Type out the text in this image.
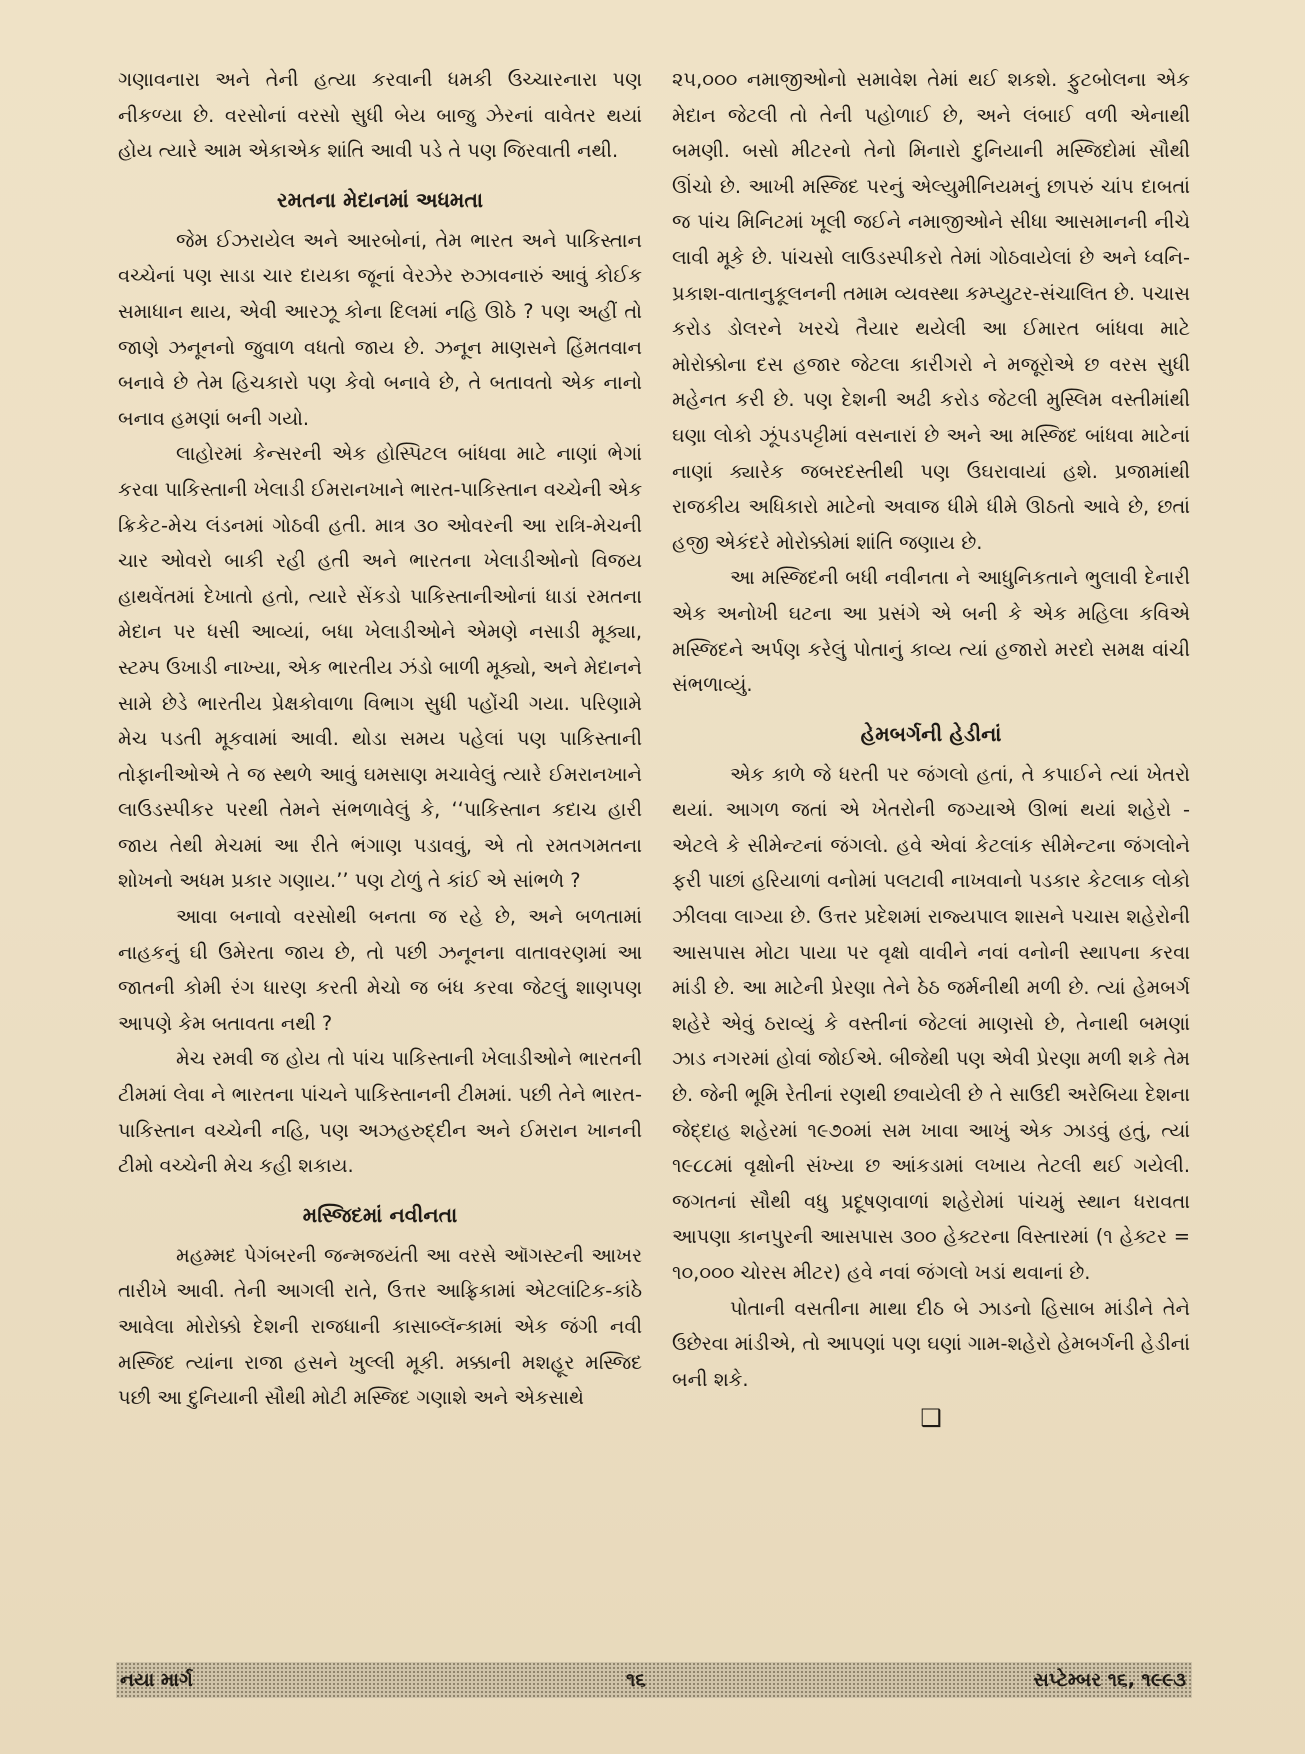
ગણાવનારા અને તેની હત્યા કરવાની ધમકી ઉચ્ચારનારા પણ નીકળ્યા છે. વરસોનાં વરસો સુધી બેય બાજુ ઝેરનાં વાવેતર થયાં હોય ત્યારે આમ એકાએક શાંતિ આવી પડે તે પણ જિરવાતી નથી.

રમતના મેદાનમાં અધમતા

જેમ ઈઝરાયેલ અને આરબોનાં, તેમ ભારત અને પાકિસ્તાન વચ્ચેનાં પણ સાડા ચાર દાયકા જૂનાં વેરઝેર રુઝાવનારું આવું કોઈક સમાધાન થાય, એવી આરઝૂ કોના દિલમાં નહિ ઊઠે ? પણ અહીં તો જાણે ઝનૂનનો જુવાળ વધતો જાય છે. ઝનૂન માણસને હિંમતવાન બનાવે છે તેમ હિચકારો પણ કેવો બનાવે છે, તે બતાવતો એક નાનો બનાવ હમણાં બની ગયો.

લાહોરમાં કેન્સરની એક હોસ્પિટલ બાંધવા માટે નાણાં ભેગાં કરવા પાકિસ્તાની ખેલાડી ઈમરાનખાને ભારત-પાકિસ્તાન વચ્ચેની એક ક્રિકેટ-મેચ લંડનમાં ગોઠવી હતી. માત્ર ૩૦ ઓવરની આ રાત્રિ-મેચની ચાર ઓવરો બાકી રહી હતી અને ભારતના ખેલાડીઓનો વિજય હાથવેંતમાં દેખાતો હતો, ત્યારે સેંકડો પાકિસ્તાનીઓનાં ધાડાં રમતના મેદાન પર ધસી આવ્યાં, બધા ખેલાડીઓને એમણે નસાડી મૂક્યા, સ્ટમ્પ ઉખાડી નાખ્યા, એક ભારતીય ઝંડો બાળી મૂક્યો, અને મેદાનને સામે છેડે ભારતીય પ્રેક્ષકોવાળા વિભાગ સુધી પહોંચી ગયા. પરિણામે મેચ પડતી મૂકવામાં આવી. થોડા સમય પહેલાં પણ પાકિસ્તાની તોફાનીઓએ તે જ સ્થળે આવું ઘમસાણ મચાવેલું ત્યારે ઈમરાનખાને લાઉડસ્પીકર પરથી તેમને સંભળાવેલું કે, ‘‘પાકિસ્તાન કદાચ હારી જાય તેથી મેચમાં આ રીતે ભંગાણ પડાવવું, એ તો રમતગમતના શોખનો અધમ પ્રકાર ગણાય.’’ પણ ટોળું તે કાંઈ એ સાંભળે ?

આવા બનાવો વરસોથી બનતા જ રહે છે, અને બળતામાં નાહકનું ઘી ઉમેરતા જાય છે, તો પછી ઝનૂનના વાતાવરણમાં આ જાતની કોમી રંગ ધારણ કરતી મેચો જ બંધ કરવા જેટલું શાણપણ આપણે કેમ બતાવતા નથી ?

મેચ રમવી જ હોય તો પાંચ પાકિસ્તાની ખેલાડીઓને ભારતની ટીમમાં લેવા ને ભારતના પાંચને પાકિસ્તાનની ટીમમાં. પછી તેને ભારત-પાકિસ્તાન વચ્ચેની નહિ, પણ અઝહરુદ્દીન અને ઈમરાન ખાનની ટીમો વચ્ચેની મેચ કહી શકાય.

મસ્જિદમાં નવીનતા

મહમ્મદ પેગંબરની જન્મજયંતી આ વરસે ઑગસ્ટની આખર તારીખે આવી. તેની આગલી રાતે, ઉત્તર આફ્રિકામાં એટલાંટિક-કાંઠે આવેલા મોરોક્કો દેશની રાજધાની કાસાબ્લૅન્કામાં એક જંગી નવી મસ્જિદ ત્યાંના રાજા હસને ખુલ્લી મૂકી. મક્કાની મશહૂર મસ્જિદ પછી આ દુનિયાની સૌથી મોટી મસ્જિદ ગણાશે અને એકસાથે

૨૫,૦૦૦ નમાજીઓનો સમાવેશ તેમાં થઈ શકશે. ફુટબોલના એક મેદાન જેટલી તો તેની પહોળાઈ છે, અને લંબાઈ વળી એનાથી બમણી. બસો મીટરનો તેનો મિનારો દુનિયાની મસ્જિદોમાં સૌથી ઊંચો છે. આખી મસ્જિદ પરનું એલ્યુમીનિયમનું છાપરું ચાંપ દાબતાં જ પાંચ મિનિટમાં ખૂલી જઈને નમાજીઓને સીધા આસમાનની નીચે લાવી મૂકે છે. પાંચસો લાઉડસ્પીકરો તેમાં ગોઠવાયેલાં છે અને ધ્વનિ-પ્રકાશ-વાતાનુકૂલનની તમામ વ્યવસ્થા કમ્પ્યુટર-સંચાલિત છે. પચાસ કરોડ ડોલરને ખરચે તૈયાર થયેલી આ ઈમારત બાંધવા માટે મોરોક્કોના દસ હજાર જેટલા કારીગરો ને મજૂરોએ છ વરસ સુધી મહેનત કરી છે. પણ દેશની અઢી કરોડ જેટલી મુસ્લિમ વસ્તીમાંથી ઘણા લોકો ઝૂંપડપટ્ટીમાં વસનારાં છે અને આ મસ્જિદ બાંધવા માટેનાં નાણાં ક્યારેક જબરદસ્તીથી પણ ઉઘરાવાયાં હશે. પ્રજામાંથી રાજકીય અધિકારો માટેનો અવાજ ધીમે ધીમે ઊઠતો આવે છે, છતાં હજી એકંદરે મોરોક્કોમાં શાંતિ જણાય છે.

આ મસ્જિદની બધી નવીનતા ને આધુનિકતાને ભુલાવી દેનારી એક અનોખી ઘટના આ પ્રસંગે એ બની કે એક મહિલા કવિએ મસ્જિદને અર્પણ કરેલું પોતાનું કાવ્ય ત્યાં હજારો મરદો સમક્ષ વાંચી સંભળાવ્યું.

હેમબર્ગની હેડીનાં

એક કાળે જે ધરતી પર જંગલો હતાં, તે કપાઈને ત્યાં ખેતરો થયાં. આગળ જતાં એ ખેતરોની જગ્યાએ ઊભાં થયાં શહેરો - એટલે કે સીમેન્ટનાં જંગલો. હવે એવાં કેટલાંક સીમેન્ટના જંગલોને ફરી પાછાં હરિયાળાં વનોમાં પલટાવી નાખવાનો પડકાર કેટલાક લોકો ઝીલવા લાગ્યા છે. ઉત્તર પ્રદેશમાં રાજ્યપાલ શાસને પચાસ શહેરોની આસપાસ મોટા પાયા પર વૃક્ષો વાવીને નવાં વનોની સ્થાપના કરવા માંડી છે. આ માટેની પ્રેરણા તેને ઠેઠ જર્મનીથી મળી છે. ત્યાં હેમબર્ગ શહેરે એવું ઠરાવ્યું કે વસ્તીનાં જેટલાં માણસો છે, તેનાથી બમણાં ઝાડ નગરમાં હોવાં જોઈએ. બીજેથી પણ એવી પ્રેરણા મળી શકે તેમ છે. જેની ભૂમિ રેતીનાં રણથી છવાયેલી છે તે સાઉદી અરેબિયા દેશના જેદ્દાહ શહેરમાં ૧૯૭૦માં સમ ખાવા આખું એક ઝાડવું હતું, ત્યાં ૧૯૮૮માં વૃક્ષોની સંખ્યા છ આંકડામાં લખાય તેટલી થઈ ગયેલી. જગતનાં સૌથી વધુ પ્રદૂષણવાળાં શહેરોમાં પાંચમું સ્થાન ધરાવતા આપણા કાનપુરની આસપાસ ૩૦૦ હેક્ટરના વિસ્તારમાં (૧ હેક્ટર = ૧૦,૦૦૦ ચોરસ મીટર) હવે નવાં જંગલો ખડાં થવાનાં છે.

પોતાની વસતીના માથા દીઠ બે ઝાડનો હિસાબ માંડીને તેને ઉછેરવા માંડીએ, તો આપણાં પણ ઘણાં ગામ-શહેરો હેમબર્ગની હેડીનાં બની શકે.

❑
નયા માર્ગ	૧૬	સપ્ટેમ્બર ૧૬, ૧૯૯૩
